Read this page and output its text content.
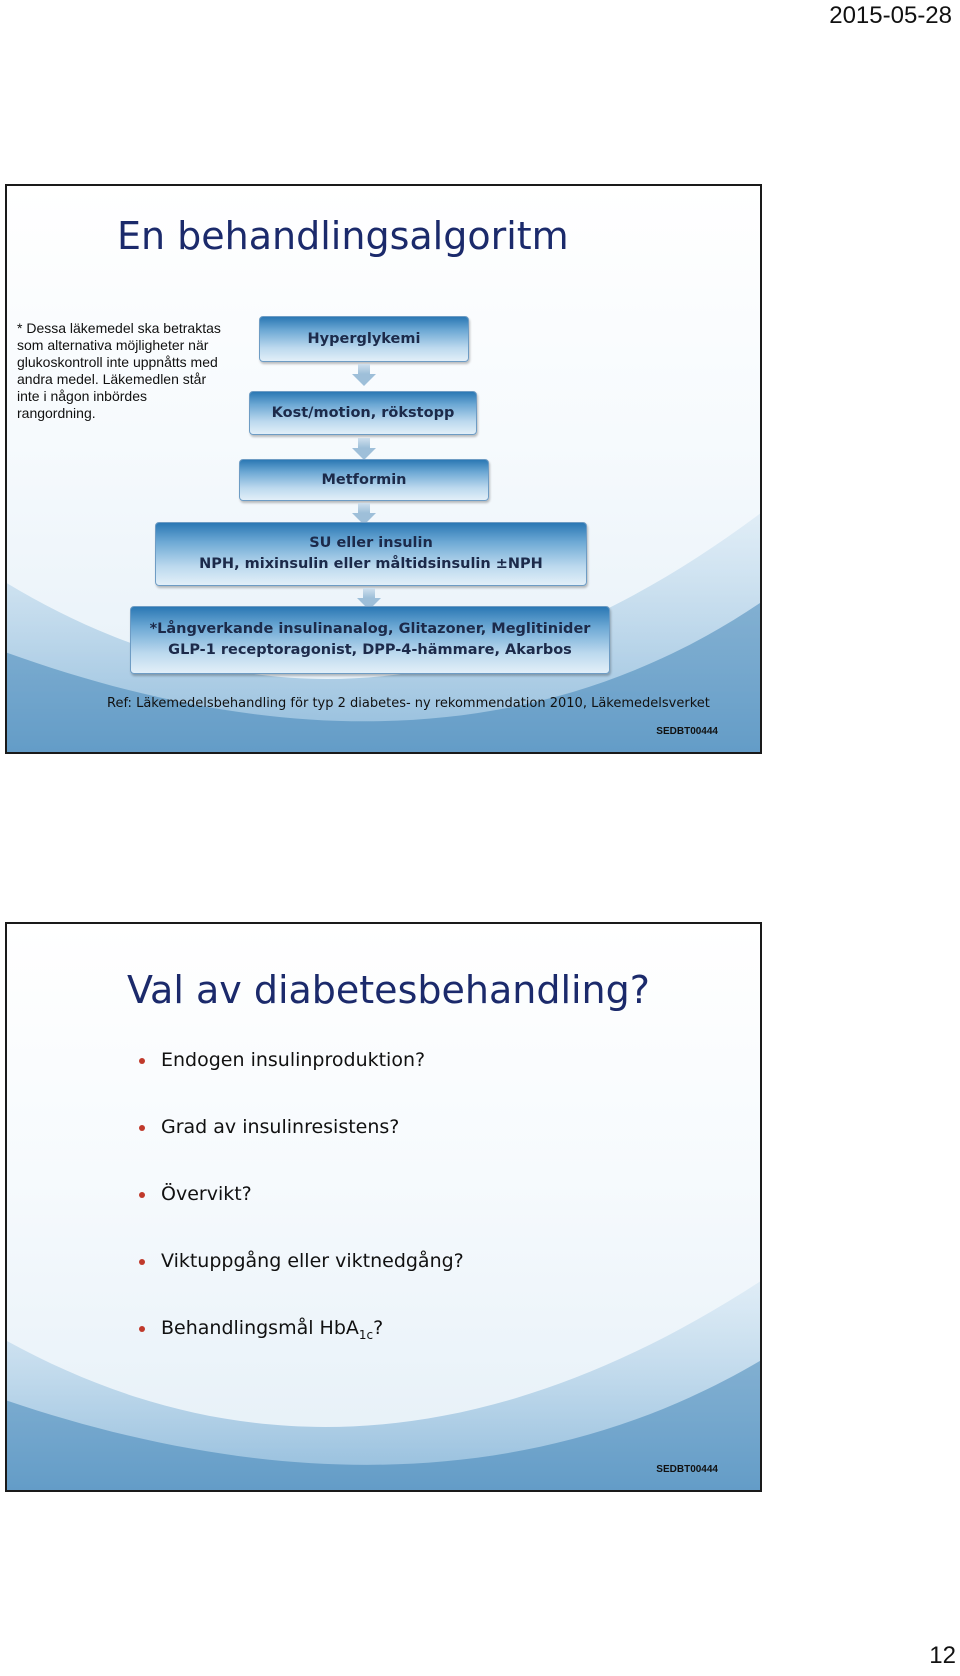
2015-05-28
En behandlingsalgoritm
* Dessa läkemedel ska betraktas som alternativa möjligheter när glukoskontroll inte uppnåtts med andra medel. Läkemedlen står inte i någon inbördes rangordning.
Hyperglykemi
Kost/motion, rökstopp
Metformin
SU eller insulin
NPH, mixinsulin eller måltidsinsulin ±NPH
*Långverkande insulinanalog, Glitazoner, Meglitinider
GLP-1 receptoragonist, DPP-4-hämmare, Akarbos
Ref: Läkemedelsbehandling för typ 2 diabetes- ny rekommendation 2010, Läkemedelsverket
SEDBT00444
Val av diabetesbehandling?
Endogen insulinproduktion?
Grad av insulinresistens?
Övervikt?
Viktuppgång eller viktnedgång?
Behandlingsmål HbA$_{1c}$?
SEDBT00444
12
